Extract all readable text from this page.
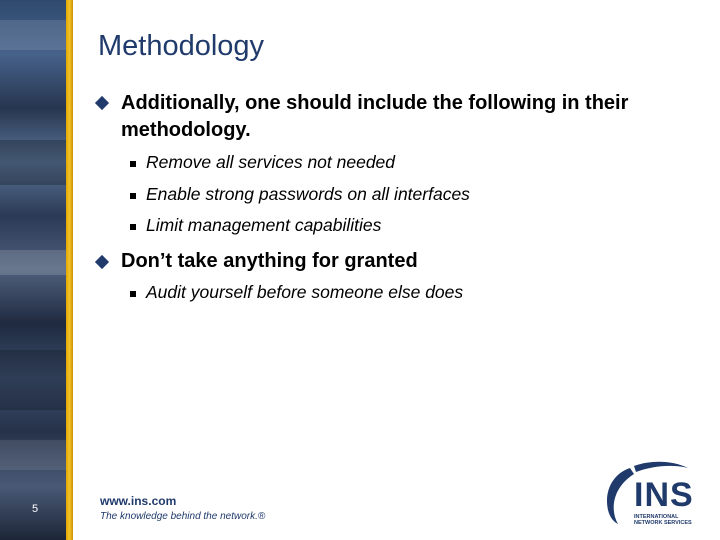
Methodology
Additionally, one should include the following in their methodology.
Remove all services not needed
Enable strong passwords on all interfaces
Limit management capabilities
Don’t take anything for granted
Audit yourself before someone else does
5
www.ins.com
The knowledge behind the network.®
INS
INTERNATIONAL
NETWORK SERVICES
